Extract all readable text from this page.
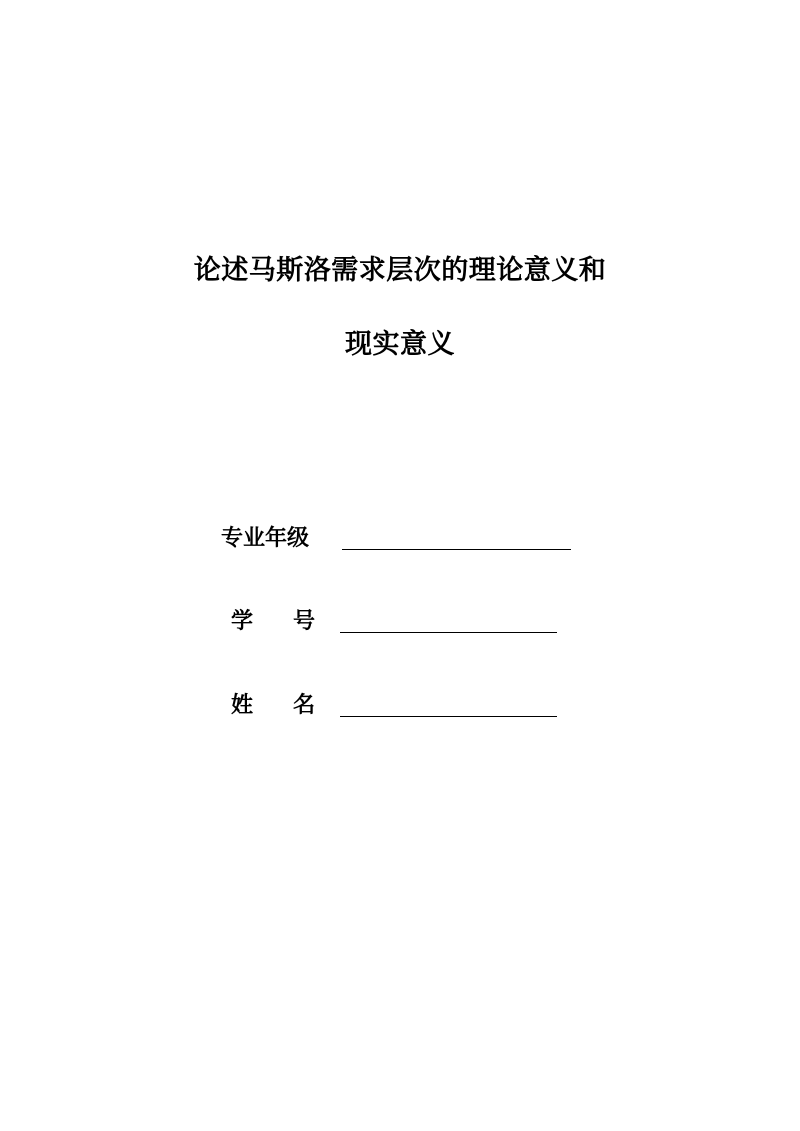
论述马斯洛需求层次的理论意义和
现实意义
专业年级
学 号
姓 名
